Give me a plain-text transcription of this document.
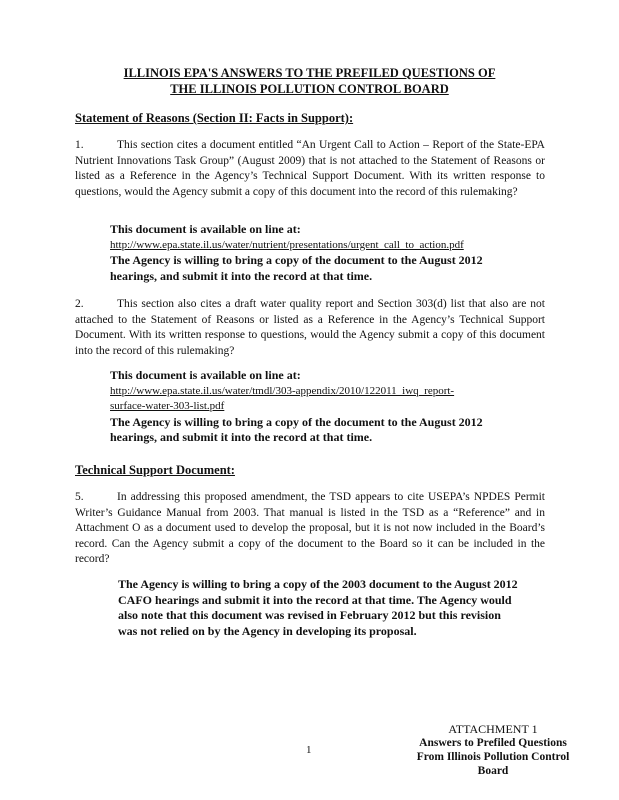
ILLINOIS EPA'S ANSWERS TO THE PREFILED QUESTIONS OF
THE ILLINOIS POLLUTION CONTROL BOARD
Statement of Reasons (Section II: Facts in Support):
1.	This section cites a document entitled “An Urgent Call to Action – Report of the State-EPA Nutrient Innovations Task Group” (August 2009) that is not attached to the Statement of Reasons or listed as a Reference in the Agency’s Technical Support Document. With its written response to questions, would the Agency submit a copy of this document into the record of this rulemaking?
This document is available on line at:
http://www.epa.state.il.us/water/nutrient/presentations/urgent_call_to_action.pdf
The Agency is willing to bring a copy of the document to the August 2012 hearings, and submit it into the record at that time.
2.	This section also cites a draft water quality report and Section 303(d) list that also are not attached to the Statement of Reasons or listed as a Reference in the Agency’s Technical Support Document. With its written response to questions, would the Agency submit a copy of this document into the record of this rulemaking?
This document is available on line at:
http://www.epa.state.il.us/water/tmdl/303-appendix/2010/122011_iwq_report-
surface-water-303-list.pdf
The Agency is willing to bring a copy of the document to the August 2012 hearings, and submit it into the record at that time.
Technical Support Document:
5.	In addressing this proposed amendment, the TSD appears to cite USEPA’s NPDES Permit Writer’s Guidance Manual from 2003. That manual is listed in the TSD as a “Reference” and in Attachment O as a document used to develop the proposal, but it is not now included in the Board’s record. Can the Agency submit a copy of the document to the Board so it can be included in the record?
The Agency is willing to bring a copy of the 2003 document to the August 2012 CAFO hearings and submit it into the record at that time. The Agency would also note that this document was revised in February 2012 but this revision was not relied on by the Agency in developing its proposal.
1
ATTACHMENT 1
Answers to Prefiled Questions
From Illinois Pollution Control
Board
